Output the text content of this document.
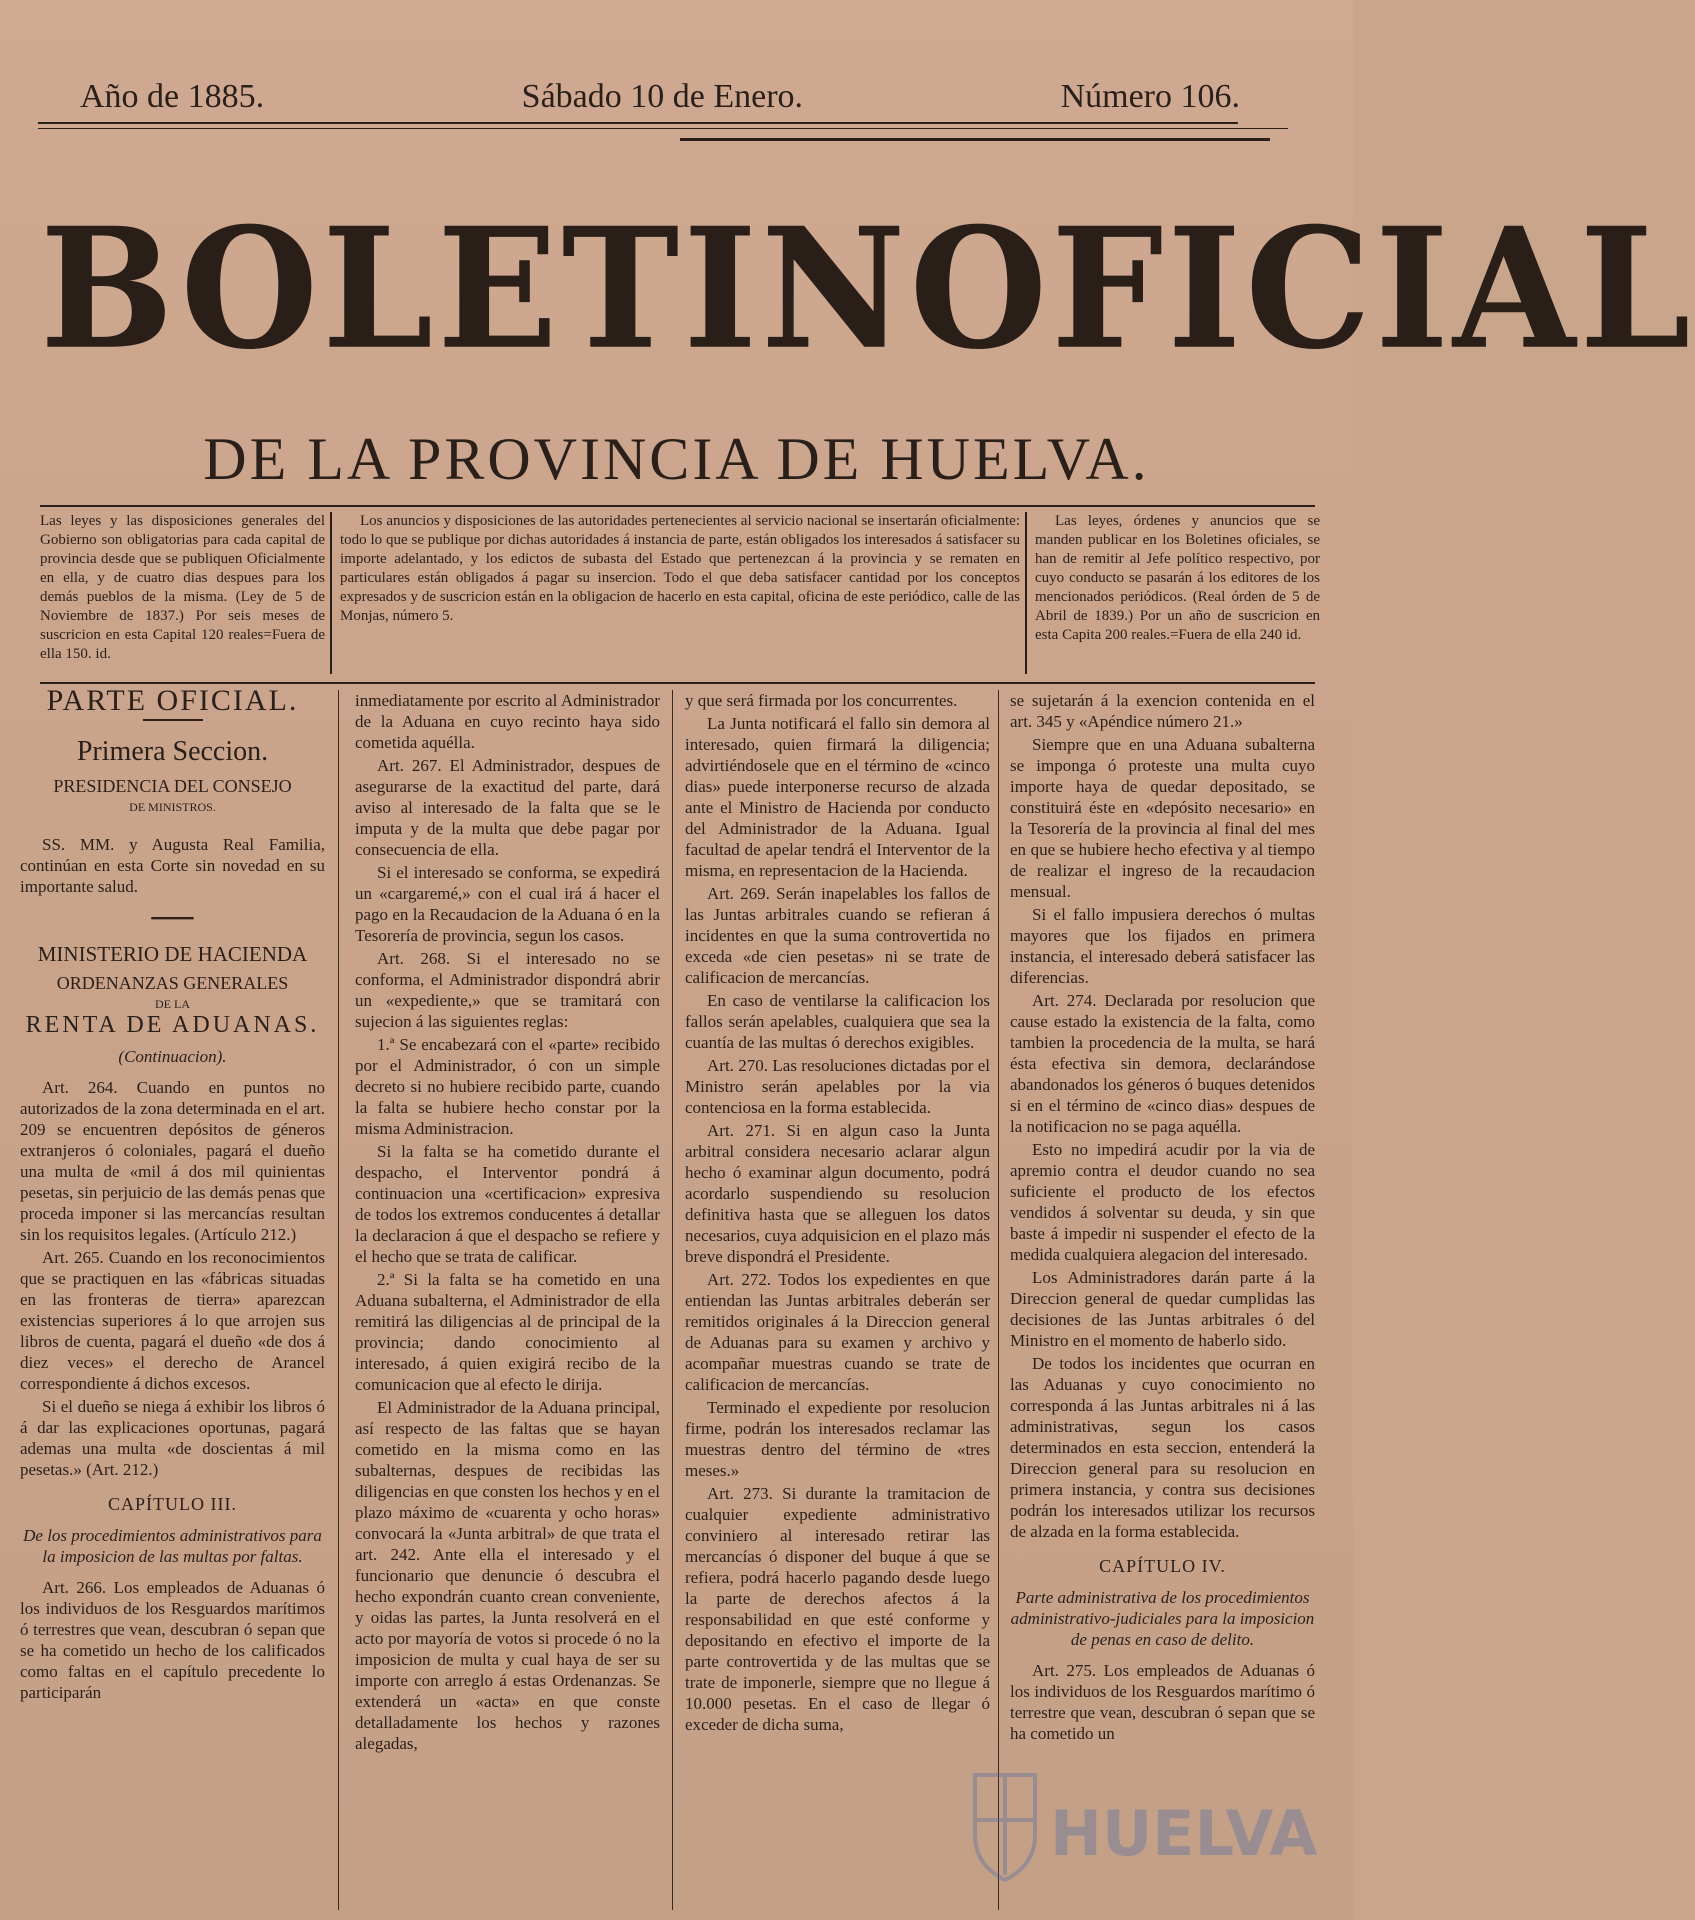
Año de 1885.	Sábado 10 de Enero.	Número 106.
BOLETIN OFICIAL
DE LA PROVINCIA DE HUELVA.

Las leyes y las disposiciones generales del Gobierno son obligatorias para cada capital de provincia desde que se publiquen Oficialmente en ella, y de cuatro dias despues para los demás pueblos de la misma. (Ley de 5 de Noviembre de 1837.) Por seis meses de suscricion en esta Capital 120 reales=Fuera de ella 150. id.

Los anuncios y disposiciones de las autoridades pertenecientes al servicio nacional se insertarán oficialmente: todo lo que se publique por dichas autoridades á instancia de parte, están obligados los interesados á satisfacer su importe adelantado, y los edictos de subasta del Estado que pertenezcan á la provincia y se rematen en particulares están obligados á pagar su insercion. Todo el que deba satisfacer cantidad por los conceptos expresados y de suscricion están en la obligacion de hacerlo en esta capital, oficina de este periódico, calle de las Monjas, número 5.

Las leyes, órdenes y anuncios que se manden publicar en los Boletines oficiales, se han de remitir al Jefe político respectivo, por cuyo conducto se pasarán á los editores de los mencionados periódicos. (Real órden de 5 de Abril de 1839.) Por un año de suscricion en esta Capita 200 reales.=Fuera de ella 240 id.

PARTE OFICIAL.
Primera Seccion.
PRESIDENCIA DEL CONSEJO
DE MINISTROS.

SS. MM. y Augusta Real Familia, continúan en esta Corte sin novedad en su importante salud.

━━━━━
MINISTERIO DE HACIENDA
ORDENANZAS GENERALES
DE LA
RENTA DE ADUANAS.
(Continuacion).

Art. 264. Cuando en puntos no autorizados de la zona determinada en el art. 209 se encuentren depósitos de géneros extranjeros ó coloniales, pagará el dueño una multa de «mil á dos mil quinientas pesetas, sin perjuicio de las demás penas que proceda imponer si las mercancías resultan sin los requisitos legales. (Artículo 212.)

Art. 265. Cuando en los reconocimientos que se practiquen en las «fábricas situadas en las fronteras de tierra» aparezcan existencias superiores á lo que arrojen sus libros de cuenta, pagará el dueño «de dos á diez veces» el derecho de Arancel correspondiente á dichos excesos.

Si el dueño se niega á exhibir los libros ó á dar las explicaciones oportunas, pagará ademas una multa «de doscientas á mil pesetas.» (Art. 212.)

CAPÍTULO III.

De los procedimientos administrativos para la imposicion de las multas por faltas.

Art. 266. Los empleados de Aduanas ó los individuos de los Resguardos marítimos ó terrestres que vean, descubran ó sepan que se ha cometido un hecho de los calificados como faltas en el capítulo precedente lo participarán

inmediatamente por escrito al Administrador de la Aduana en cuyo recinto haya sido cometida aquélla.

Art. 267. El Administrador, despues de asegurarse de la exactitud del parte, dará aviso al interesado de la falta que se le imputa y de la multa que debe pagar por consecuencia de ella.

Si el interesado se conforma, se expedirá un «cargaremé,» con el cual irá á hacer el pago en la Recaudacion de la Aduana ó en la Tesorería de provincia, segun los casos.

Art. 268. Si el interesado no se conforma, el Administrador dispondrá abrir un «expediente,» que se tramitará con sujecion á las siguientes reglas:

1.ª Se encabezará con el «parte» recibido por el Administrador, ó con un simple decreto si no hubiere recibido parte, cuando la falta se hubiere hecho constar por la misma Administracion.

Si la falta se ha cometido durante el despacho, el Interventor pondrá á continuacion una «certificacion» expresiva de todos los extremos conducentes á detallar la declaracion á que el despacho se refiere y el hecho que se trata de calificar.

2.ª Si la falta se ha cometido en una Aduana subalterna, el Administrador de ella remitirá las diligencias al de principal de la provincia; dando conocimiento al interesado, á quien exigirá recibo de la comunicacion que al efecto le dirija.

El Administrador de la Aduana principal, así respecto de las faltas que se hayan cometido en la misma como en las subalternas, despues de recibidas las diligencias en que consten los hechos y en el plazo máximo de «cuarenta y ocho horas» convocará la «Junta arbitral» de que trata el art. 242. Ante ella el interesado y el funcionario que denuncie ó descubra el hecho expondrán cuanto crean conveniente, y oidas las partes, la Junta resolverá en el acto por mayoría de votos si procede ó no la imposicion de multa y cual haya de ser su importe con arreglo á estas Ordenanzas. Se extenderá un «acta» en que conste detalladamente los hechos y razones alegadas,

y que será firmada por los concurrentes.

La Junta notificará el fallo sin demora al interesado, quien firmará la diligencia; advirtiéndosele que en el término de «cinco dias» puede interponerse recurso de alzada ante el Ministro de Hacienda por conducto del Administrador de la Aduana. Igual facultad de apelar tendrá el Interventor de la misma, en representacion de la Hacienda.

Art. 269. Serán inapelables los fallos de las Juntas arbitrales cuando se refieran á incidentes en que la suma controvertida no exceda «de cien pesetas» ni se trate de calificacion de mercancías.

En caso de ventilarse la calificacion los fallos serán apelables, cualquiera que sea la cuantía de las multas ó derechos exigibles.

Art. 270. Las resoluciones dictadas por el Ministro serán apelables por la via contenciosa en la forma establecida.

Art. 271. Si en algun caso la Junta arbitral considera necesario aclarar algun hecho ó examinar algun documento, podrá acordarlo suspendiendo su resolucion definitiva hasta que se alleguen los datos necesarios, cuya adquisicion en el plazo más breve dispondrá el Presidente.

Art. 272. Todos los expedientes en que entiendan las Juntas arbitrales deberán ser remitidos originales á la Direccion general de Aduanas para su examen y archivo y acompañar muestras cuando se trate de calificacion de mercancías.

Terminado el expediente por resolucion firme, podrán los interesados reclamar las muestras dentro del término de «tres meses.»

Art. 273. Si durante la tramitacion de cualquier expediente administrativo conviniero al interesado retirar las mercancías ó disponer del buque á que se refiera, podrá hacerlo pagando desde luego la parte de derechos afectos á la responsabilidad en que esté conforme y depositando en efectivo el importe de la parte controvertida y de las multas que se trate de imponerle, siempre que no llegue á 10.000 pesetas. En el caso de llegar ó exceder de dicha suma,

se sujetarán á la exencion contenida en el art. 345 y «Apéndice número 21.»

Siempre que en una Aduana subalterna se imponga ó proteste una multa cuyo importe haya de quedar depositado, se constituirá éste en «depósito necesario» en la Tesorería de la provincia al final del mes en que se hubiere hecho efectiva y al tiempo de realizar el ingreso de la recaudacion mensual.

Si el fallo impusiera derechos ó multas mayores que los fijados en primera instancia, el interesado deberá satisfacer las diferencias.

Art. 274. Declarada por resolucion que cause estado la existencia de la falta, como tambien la procedencia de la multa, se hará ésta efectiva sin demora, declarándose abandonados los géneros ó buques detenidos si en el término de «cinco dias» despues de la notificacion no se paga aquélla.

Esto no impedirá acudir por la via de apremio contra el deudor cuando no sea suficiente el producto de los efectos vendidos á solventar su deuda, y sin que baste á impedir ni suspender el efecto de la medida cualquiera alegacion del interesado.

Los Administradores darán parte á la Direccion general de quedar cumplidas las decisiones de las Juntas arbitrales ó del Ministro en el momento de haberlo sido.

De todos los incidentes que ocurran en las Aduanas y cuyo conocimiento no corresponda á las Juntas arbitrales ni á las administrativas, segun los casos determinados en esta seccion, entenderá la Direccion general para su resolucion en primera instancia, y contra sus decisiones podrán los interesados utilizar los recursos de alzada en la forma establecida.

CAPÍTULO IV.

Parte administrativa de los procedimientos administrativo-judiciales para la imposicion de penas en caso de delito.

Art. 275. Los empleados de Aduanas ó los individuos de los Resguardos marítimo ó terrestre que vean, descubran ó sepan que se ha cometido un

HUELVA
